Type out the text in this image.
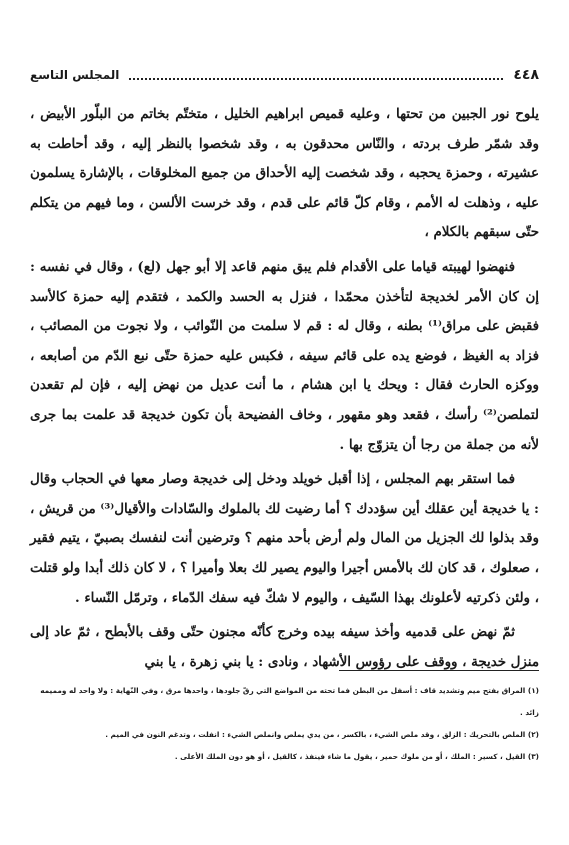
٤٤٨
المجلس التاسع

يلوح نور الجبين من تحتها ، وعليه قميص ابراهيم الخليل ، متختّم بخاتم من البلّور الأبيض ، وقد شمّر طرف بردته ، والنّاس محدقون به ، وقد شخصوا بالنظر إليه ، وقد أحاطت به عشيرته ، وحمزة يحجبه ، وقد شخصت إليه الأحداق من جميع المخلوقات ، بالإشارة يسلمون عليه ، وذهلت له الأمم ، وقام كلّ قائم على قدم ، وقد خرست الألسن ، وما فيهم من يتكلم حتّى سبقهم بالكلام ،

فنهضوا لهيبته قياما على الأقدام فلم يبق منهم قاعد إلا أبو جهل (لع) ، وقال في نفسه : إن كان الأمر لخديجة لتأخذن محمّدا ، فنزل به الحسد والكمد ، فتقدم إليه حمزة كالأسد فقبض على مراق⁽¹⁾ بطنه ، وقال له : قم لا سلمت من النّوائب ، ولا نجوت من المصائب ، فزاد به الغيظ ، فوضع يده على قائم سيفه ، فكبس عليه حمزة حتّى نبع الدّم من أصابعه ، ووكزه الحارث فقال : ويحك يا ابن هشام ، ما أنت عديل من نهض إليه ، فإن لم تقعدن لتملصن⁽²⁾ رأسك ، فقعد وهو مقهور ، وخاف الفضيحة بأن تكون خديجة قد علمت بما جرى لأنه من جملة من رجا أن يتزوّج بها .

فما استقر بهم المجلس ، إذا أقبل خويلد ودخل إلى خديجة وصار معها في الحجاب وقال : يا خديجة أين عقلك أين سؤددك ؟ أما رضيت لك بالملوك والسّادات والأقيال⁽³⁾ من قريش ، وقد بذلوا لك الجزيل من المال ولم أرض بأحد منهم ؟ وترضين أنت لنفسك بصبيّ ، يتيم فقير ، صعلوك ، قد كان لك بالأمس أجيرا واليوم يصير لك بعلا وأميرا ؟ ، لا كان ذلك أبدا ولو قتلت ، ولئن ذكرتيه لأعلونك بهذا السّيف ، واليوم لا شكّ فيه سفك الدّماء ، وترمّل النّساء .

ثمّ نهض على قدميه وأخذ سيفه بيده وخرج كأنّه مجنون حتّى وقف بالأبطح ، ثمّ عاد إلى منزل خديجة ، ووقف على رؤوس الأشهاد ، ونادى : يا بني زهرة ، يا بني

(١) المراق بفتح ميم وتشديد قاف : أسفل من البطن فما تحته من المواضع التي رقّ جلودها ، واحدها مرق ، وفي النّهاية : ولا واحد له ومميمه زائد .

(٢) الملص بالتحريك : الزلق ، وقد ملص الشيء ، بالكسر ، من يدي يملص وانملص الشيء : انفلت ، وتدغم النون في الميم .

(٣) القيل ، كسير : الملك ، أو من ملوك حمير ، يقول ما شاء فينفذ ، كالقيل ، أو هو دون الملك الأعلى .
